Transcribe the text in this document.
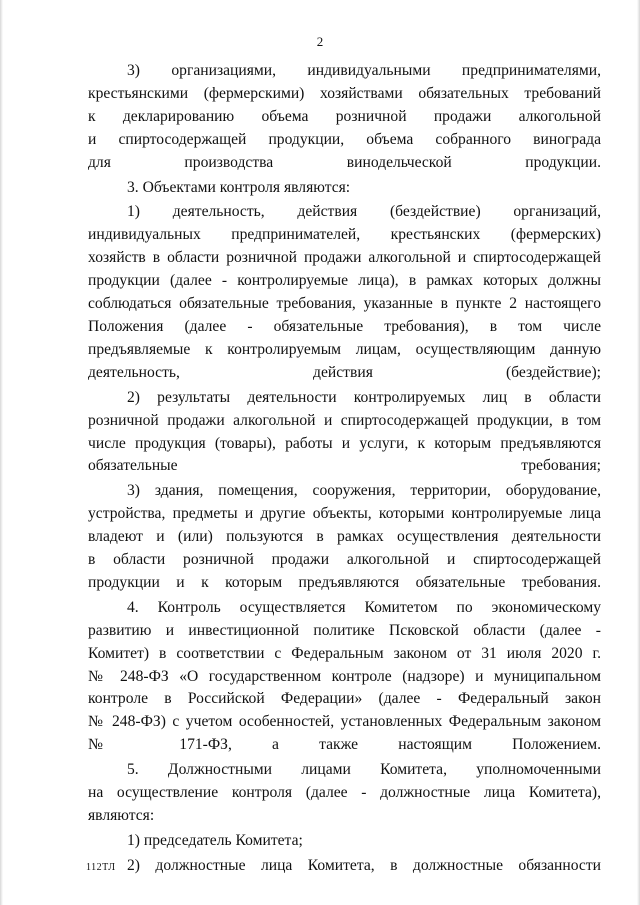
2

3) организациями, индивидуальными предпринимателями,
крестьянскими (фермерскими) хозяйствами обязательных требований
к декларированию объема розничной продажи алкогольной
и спиртосодержащей продукции, объема собранного винограда
для производства винодельческой продукции.

3. Объектами контроля являются:

1) деятельность, действия (бездействие) организаций,
индивидуальных предпринимателей, крестьянских (фермерских)
хозяйств в области розничной продажи алкогольной и спиртосодержащей
продукции (далее - контролируемые лица), в рамках которых должны
соблюдаться обязательные требования, указанные в пункте 2 настоящего
Положения (далее - обязательные требования), в том числе
предъявляемые к контролируемым лицам, осуществляющим данную
деятельность, действия (бездействие);

2) результаты деятельности контролируемых лиц в области
розничной продажи алкогольной и спиртосодержащей продукции, в том
числе продукция (товары), работы и услуги, к которым предъявляются
обязательные требования;

3) здания, помещения, сооружения, территории, оборудование,
устройства, предметы и другие объекты, которыми контролируемые лица
владеют и (или) пользуются в рамках осуществления деятельности
в области розничной продажи алкогольной и спиртосодержащей
продукции и к которым предъявляются обязательные требования.

4. Контроль осуществляется Комитетом по экономическому
развитию и инвестиционной политике Псковской области (далее -
Комитет) в соответствии с Федеральным законом от 31 июля 2020 г.
№ 248-ФЗ «О государственном контроле (надзоре) и муниципальном
контроле в Российской Федерации» (далее - Федеральный закон
№ 248-ФЗ) с учетом особенностей, установленных Федеральным законом
№ 171-ФЗ, а также настоящим Положением.

5. Должностными лицами Комитета, уполномоченными
на осуществление контроля (далее - должностные лица Комитета),
являются:

1) председатель Комитета;

2) должностные лица Комитета, в должностные обязанности

112ТЛ
